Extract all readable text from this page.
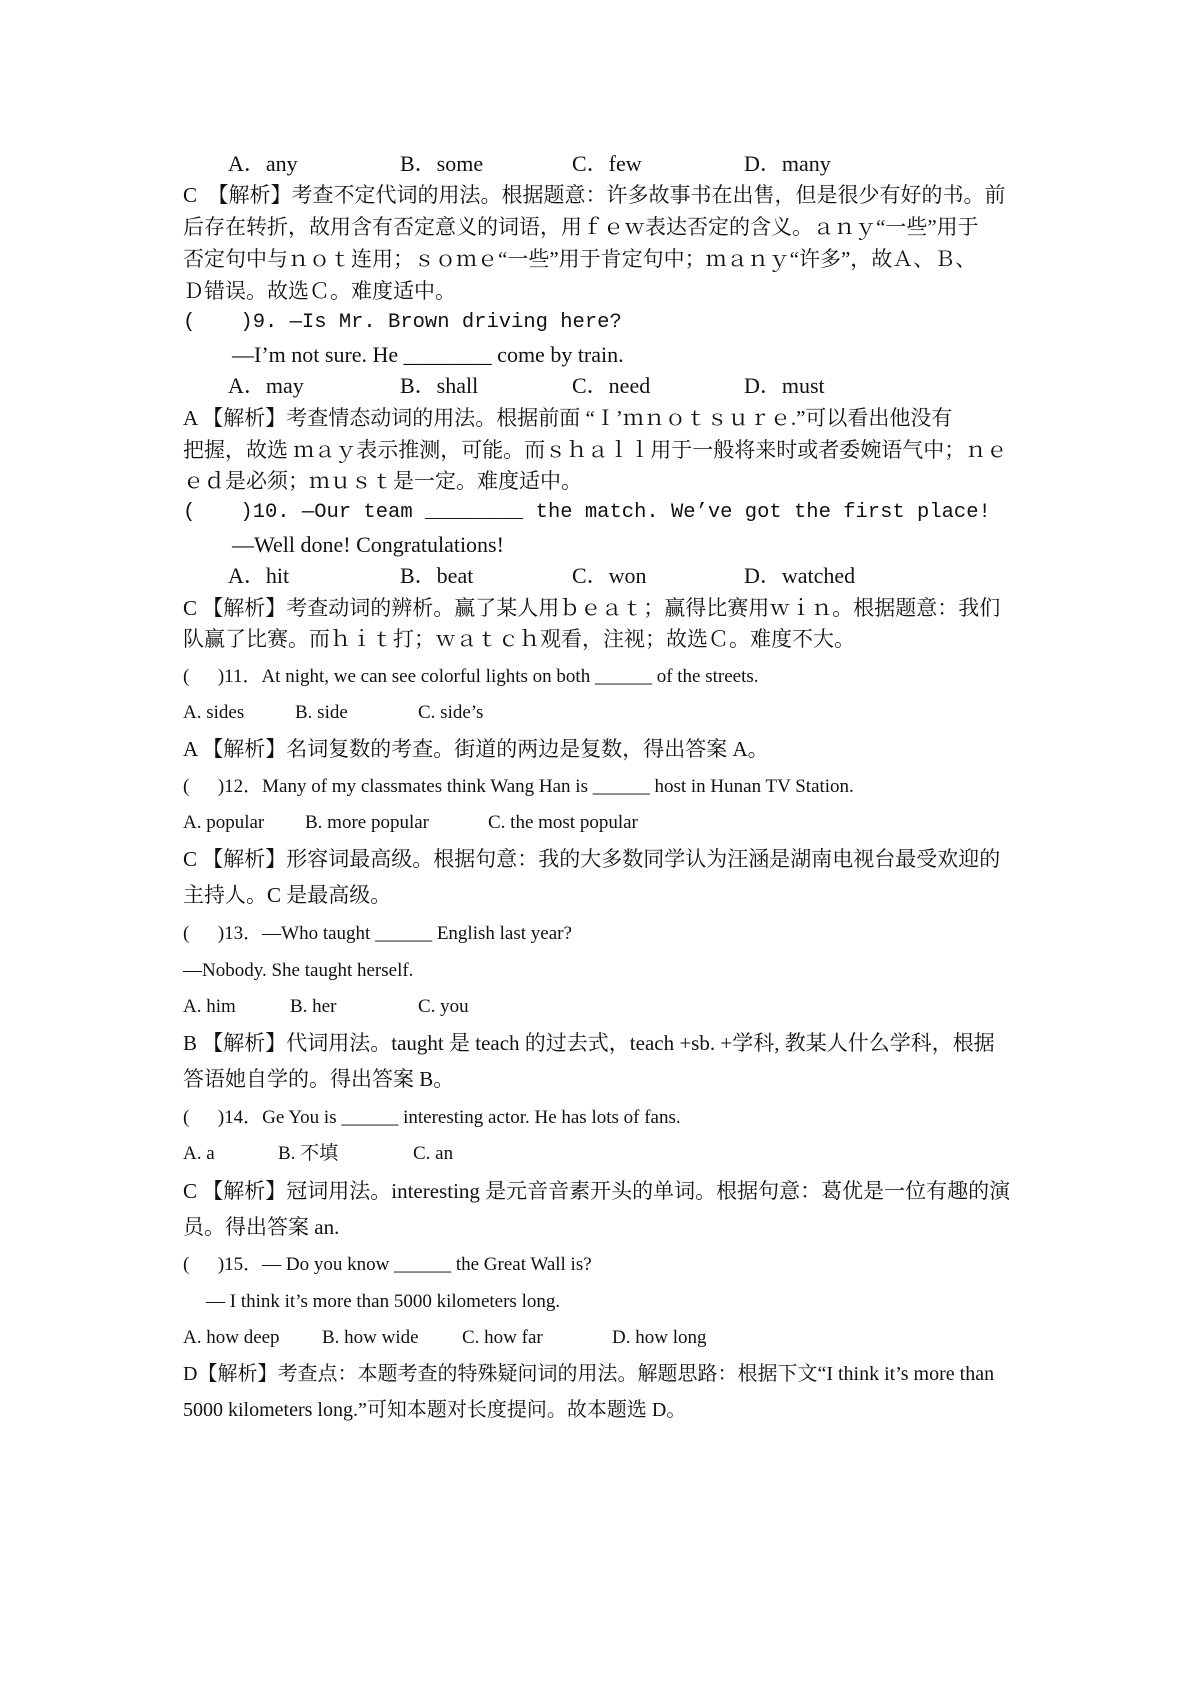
A．any	B．some	C．few	D．many
C　【解析】考查不定代词的用法。根据题意：许多故事书在出售，但是很少有好的书。前
后存在转折，故用含有否定意义的词语，用ｆｅｗ表达否定的含义。ａｎｙ“一些”用于
否定句中与ｎｏｔ连用；ｓｏｍｅ“一些”用于肯定句中；ｍａｎｙ“许多”，故Ａ、Ｂ、
Ｄ错误。故选Ｃ。难度适中。
(　  )9. —Is Mr. Brown driving here?
—I’m not sure. He ________ come by train.
A．may	B．shall	C．need	D．must
A 【解析】考查情态动词的用法。根据前面 “Ｉ’ｍｎｏｔｓｕｒｅ.”可以看出他没有
把握，故选 ｍａｙ表示推测，可能。而ｓｈａｌｌ用于一般将来时或者委婉语气中；ｎｅ
ｅｄ是必须；ｍｕｓｔ是一定。难度适中。
(　  )10. —Our team ________ the match. We’ve got the first place!
—Well done! Congratulations!
A．hit	B．beat	C．won	D．watched
C 【解析】考查动词的辨析。赢了某人用ｂｅａｔ；赢得比赛用ｗｉｎ。根据题意：我们
队赢了比赛。而ｈｉｔ打；ｗａｔｃｈ观看，注视；故选Ｃ。难度不大。
(　  )11．At night, we can see colorful lights on both ______ of the streets.
A. sides	B. side	C. side’s
A 【解析】名词复数的考查。街道的两边是复数，得出答案 A。
(　  )12．Many of my classmates think Wang Han is ______ host in Hunan TV Station.
A. popular B. more popular	C. the most popular
C 【解析】形容词最高级。根据句意：我的大多数同学认为汪涵是湖南电视台最受欢迎的
主持人。C 是最高级。
(　  )13．—Who taught ______ English last year?
—Nobody. She taught herself.
A. him	B. her	C. you
B 【解析】代词用法。taught 是 teach 的过去式，teach +sb. +学科, 教某人什么学科，根据
答语她自学的。得出答案 B。
(　  )14．Ge You is ______ interesting actor. He has lots of fans.
A. a	B. 不填	C. an
C 【解析】冠词用法。interesting 是元音音素开头的单词。根据句意：葛优是一位有趣的演
员。得出答案 an.
(　  )15．— Do you know ______ the Great Wall is?
— I think it’s more than 5000 kilometers long.
A. how deep B. how wide C. how far	D. how long
D【解析】考查点：本题考查的特殊疑问词的用法。解题思路：根据下文“I think it’s more than
5000 kilometers long.”可知本题对长度提问。故本题选 D。
